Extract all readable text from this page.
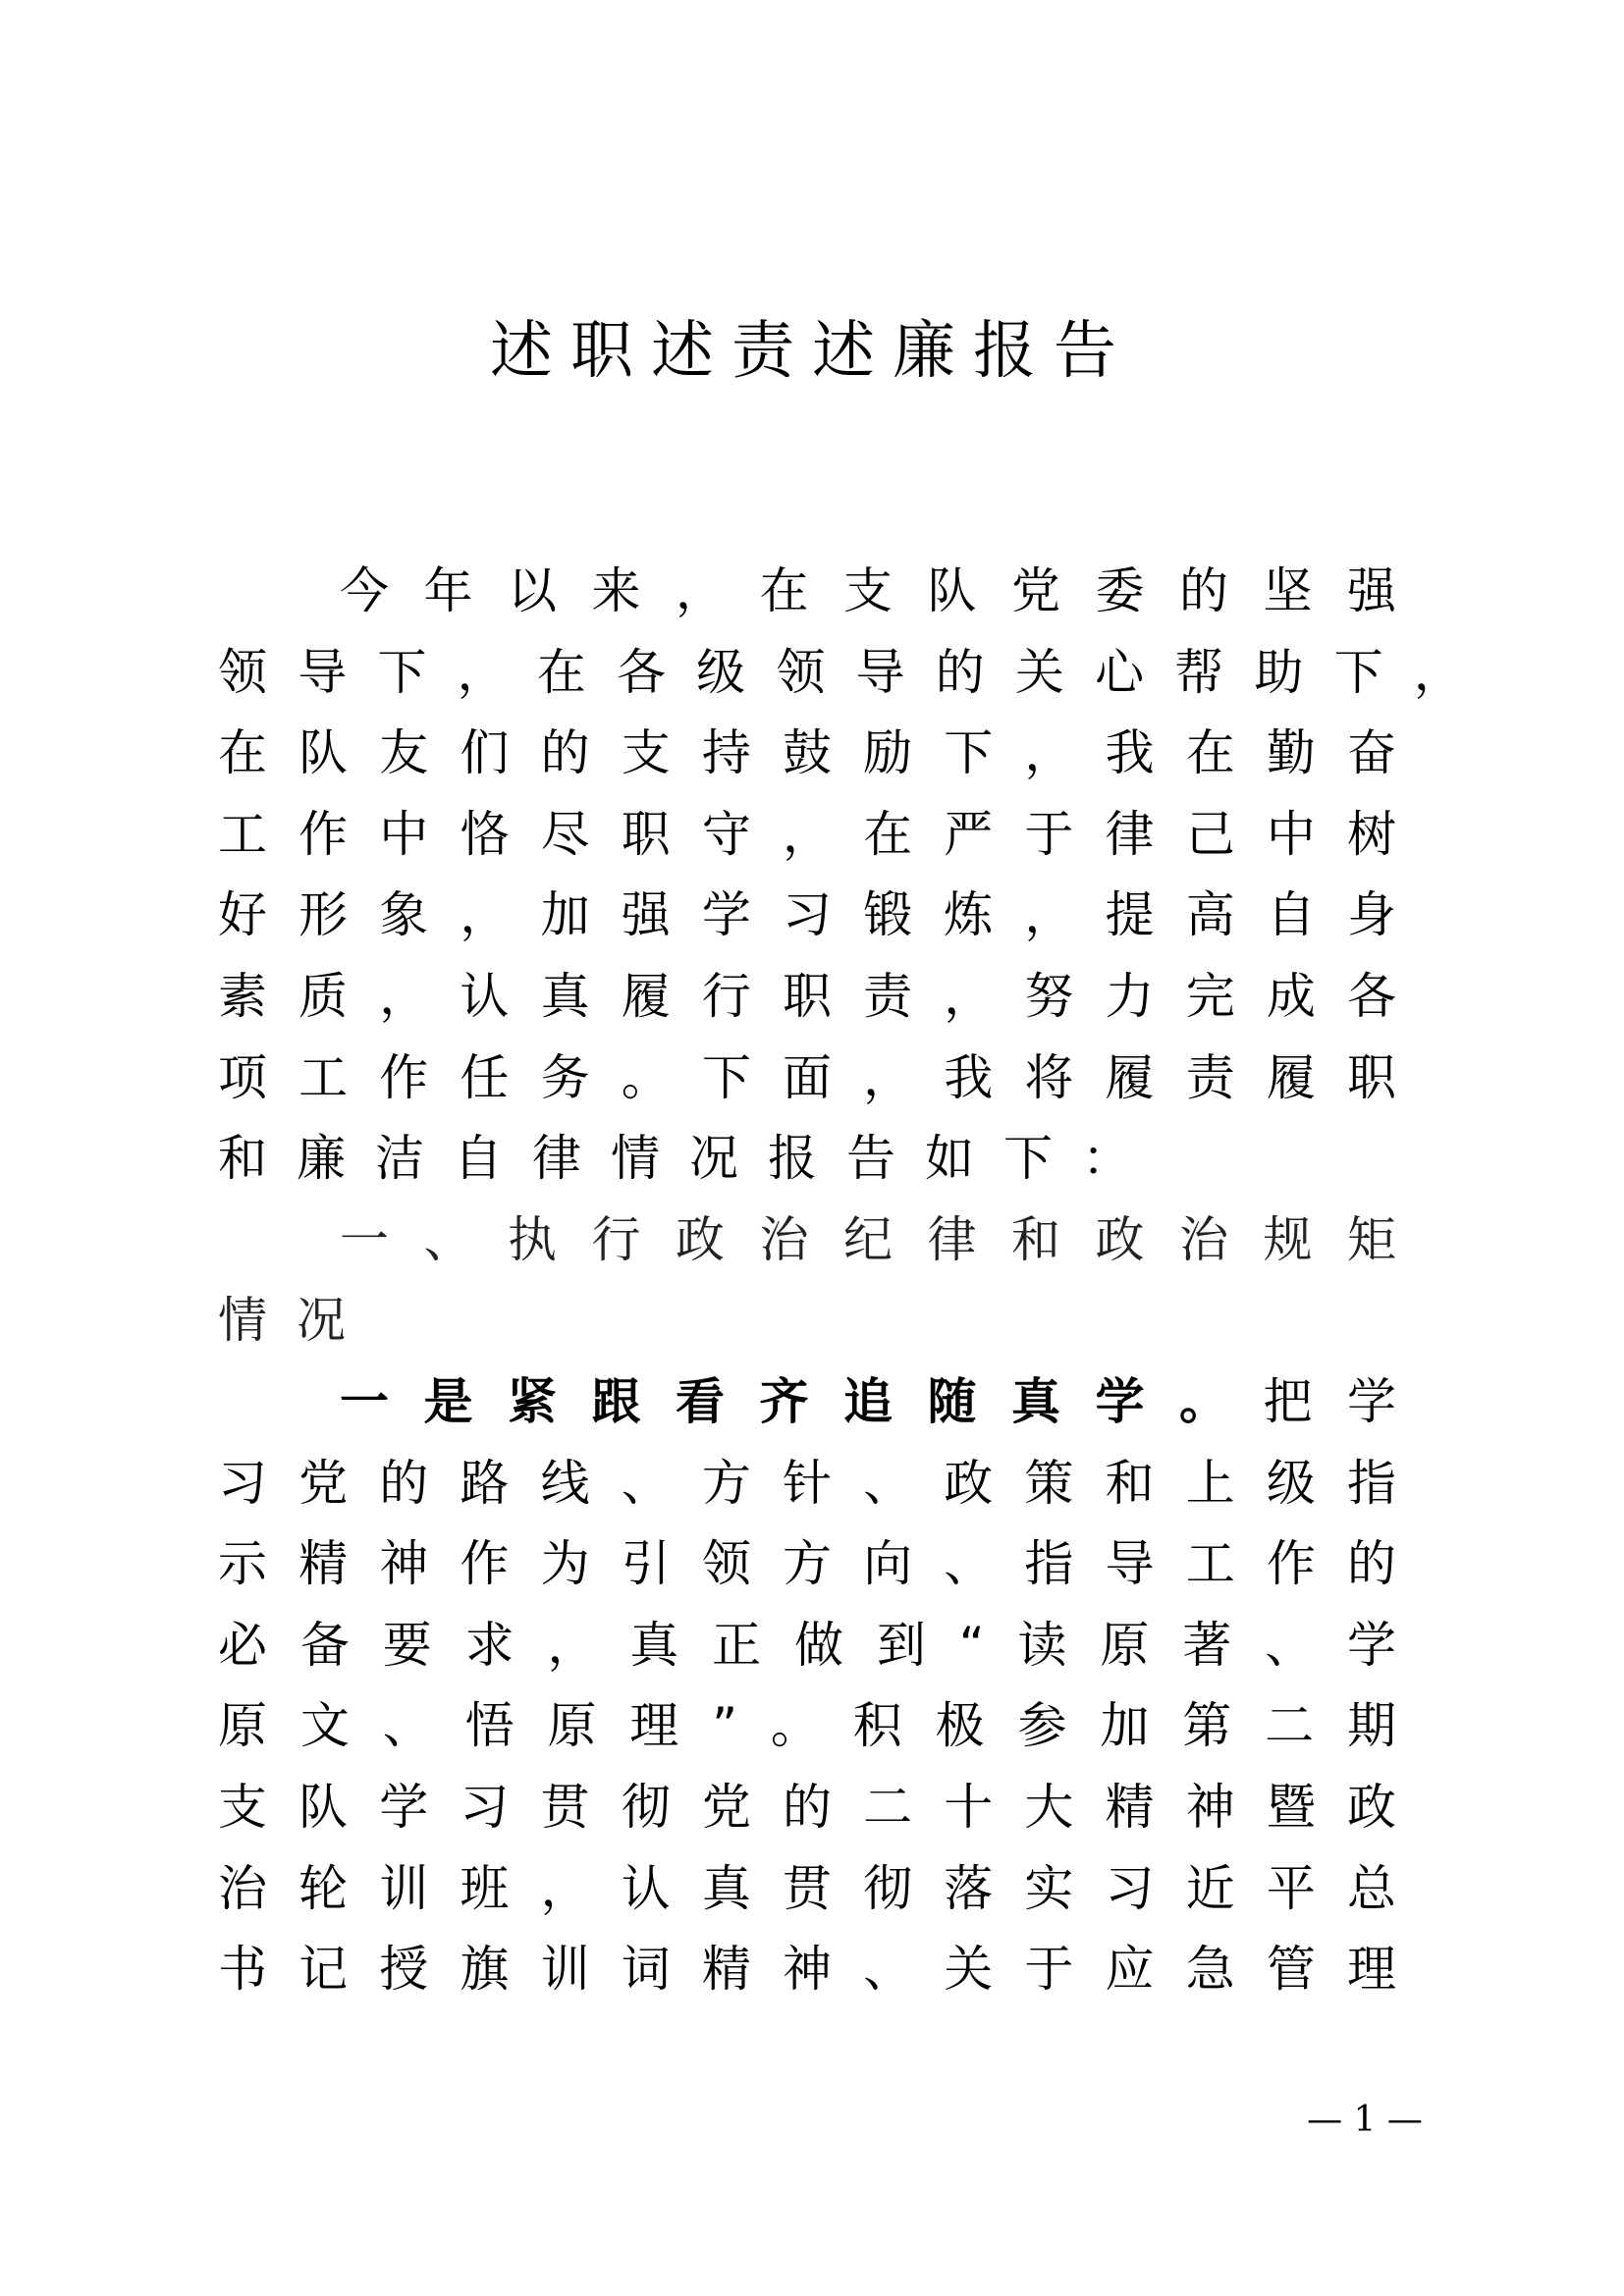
述职述责述廉报告
今 年 以 来 ， 在 支 队 党 委 的 坚 强
领 导 下 ， 在 各 级 领 导 的 关 心 帮 助 下 ，
在 队 友 们 的 支 持 鼓 励 下 ， 我 在 勤 奋
工 作 中 恪 尽 职 守 ， 在 严 于 律 己 中 树
好 形 象 ， 加 强 学 习 锻 炼 ， 提 高 自 身
素 质 ， 认 真 履 行 职 责 ， 努 力 完 成 各
项 工 作 任 务 。 下 面 ， 我 将 履 责 履 职
和 廉 洁 自 律 情 况 报 告 如 下 ：
一 、 执 行 政 治 纪 律 和 政 治 规 矩
情 况
一 是 紧 跟 看 齐 追 随 真 学 。 把 学
习 党 的 路 线 、 方 针 、 政 策 和 上 级 指
示 精 神 作 为 引 领 方 向 、 指 导 工 作 的
必 备 要 求 ， 真 正 做 到 “ 读 原 著 、 学
原 文 、 悟 原 理 ” 。 积 极 参 加 第 二 期
支 队 学 习 贯 彻 党 的 二 十 大 精 神 暨 政
治 轮 训 班 ， 认 真 贯 彻 落 实 习 近 平 总
书 记 授 旗 训 词 精 神 、 关 于 应 急 管 理
— 1 —
